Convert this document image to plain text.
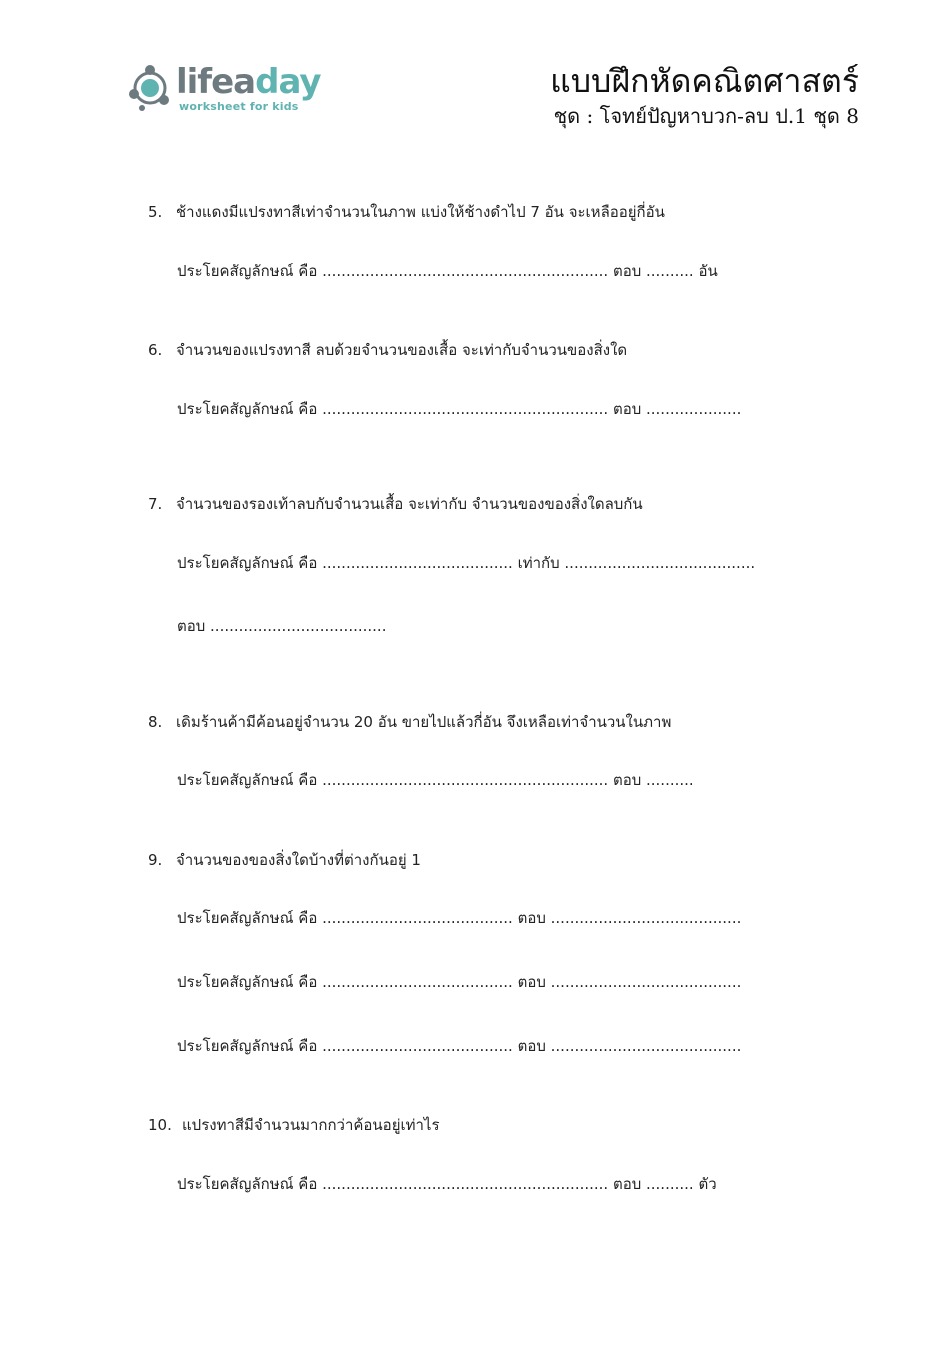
lifeaday
worksheet for kids
แบบฝึกหัดคณิตศาสตร์
ชุด : โจทย์ปัญหาบวก-ลบ ป.1 ชุด 8
5. ช้างแดงมีแปรงทาสีเท่าจำนวนในภาพ แบ่งให้ช้างดำไป 7 อัน จะเหลืออยู่กี่อัน
ประโยคสัญลักษณ์ คือ ............................................................ ตอบ .......... อัน
6. จำนวนของแปรงทาสี ลบด้วยจำนวนของเสื้อ จะเท่ากับจำนวนของสิ่งใด
ประโยคสัญลักษณ์ คือ ............................................................ ตอบ ....................
7. จำนวนของรองเท้าลบกับจำนวนเสื้อ จะเท่ากับ จำนวนของของสิ่งใดลบกัน
ประโยคสัญลักษณ์ คือ ........................................ เท่ากับ ........................................
ตอบ .....................................
8. เดิมร้านค้ามีค้อนอยู่จำนวน 20 อัน ขายไปแล้วกี่อัน จึงเหลือเท่าจำนวนในภาพ
ประโยคสัญลักษณ์ คือ ............................................................ ตอบ ..........
9. จำนวนของของสิ่งใดบ้างที่ต่างกันอยู่ 1
ประโยคสัญลักษณ์ คือ ........................................ ตอบ ........................................
ประโยคสัญลักษณ์ คือ ........................................ ตอบ ........................................
ประโยคสัญลักษณ์ คือ ........................................ ตอบ ........................................
10. แปรงทาสีมีจำนวนมากกว่าค้อนอยู่เท่าไร
ประโยคสัญลักษณ์ คือ ............................................................ ตอบ .......... ตัว
